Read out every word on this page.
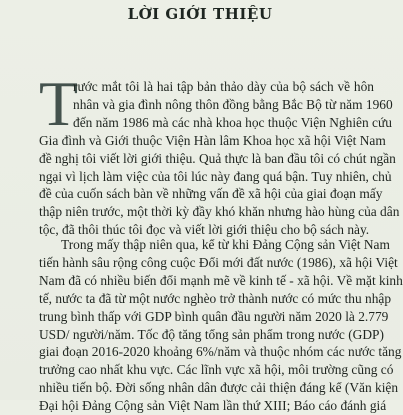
LỜI GIỚI THIỆU
T

rước mắt tôi là hai tập bản thảo dày của bộ sách về hôn
nhân và gia đình nông thôn đồng bằng Bắc Bộ từ năm 1960
đến năm 1986 mà các nhà khoa học thuộc Viện Nghiên cứu
Gia đình và Giới thuộc Viện Hàn lâm Khoa học xã hội Việt Nam
đề nghị tôi viết lời giới thiệu. Quả thực là ban đầu tôi có chút ngần
ngại vì lịch làm việc của tôi lúc này đang quá bận. Tuy nhiên, chủ
đề của cuốn sách bàn về những vấn đề xã hội của giai đoạn mấy
thập niên trước, một thời kỳ đầy khó khăn nhưng hào hùng của dân
tộc, đã thôi thúc tôi đọc và viết lời giới thiệu cho bộ sách này.

Trong mấy thập niên qua, kể từ khi Đảng Cộng sản Việt Nam
tiến hành sâu rộng công cuộc Đổi mới đất nước (1986), xã hội Việt
Nam đã có nhiều biến đổi mạnh mẽ về kinh tế - xã hội. Về mặt kinh
tế, nước ta đã từ một nước nghèo trở thành nước có mức thu nhập
trung bình thấp với GDP bình quân đầu người năm 2020 là 2.779
USD/ người/năm. Tốc độ tăng tổng sản phẩm trong nước (GDP)
giai đoạn 2016-2020 khoảng 6%/năm và thuộc nhóm các nước tăng
trưởng cao nhất khu vực. Các lĩnh vực xã hội, môi trường cũng có
nhiều tiến bộ. Đời sống nhân dân được cải thiện đáng kể (Văn kiện
Đại hội Đảng Cộng sản Việt Nam lần thứ XIII; Báo cáo đánh giá
